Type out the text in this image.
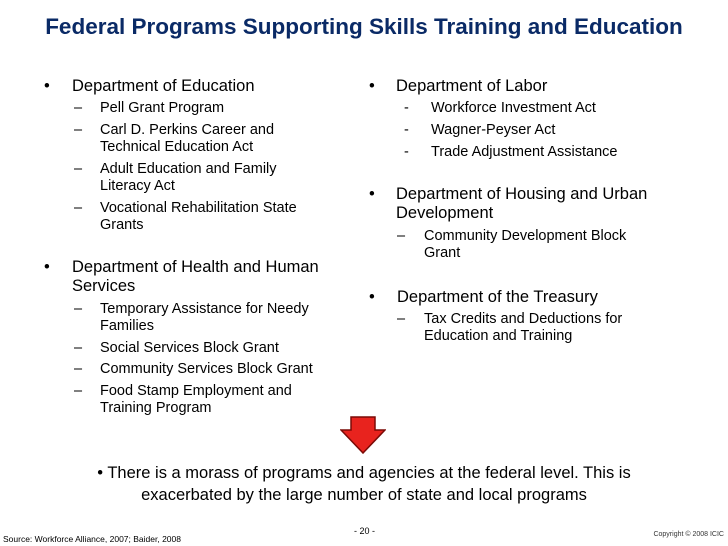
Federal Programs Supporting Skills Training and Education
• Department of Education
– Pell Grant Program
– Carl D. Perkins Career and
Technical Education Act
– Adult Education and Family
Literacy Act
– Vocational Rehabilitation State
Grants
• Department of Health and Human
Services
– Temporary Assistance for Needy
Families
– Social Services Block Grant
– Community Services Block Grant
– Food Stamp Employment and
Training Program
• Department of Labor
- Workforce Investment Act
- Wagner-Peyser Act
- Trade Adjustment Assistance
• Department of Housing and Urban
Development
– Community Development Block
Grant
• Department of the Treasury
– Tax Credits and Deductions for
Education and Training
• There is a morass of programs and agencies at the federal level. This is
exacerbated by the large number of state and local programs
- 20 -	Copyright © 2008 ICIC
Source: Workforce Alliance, 2007; Baider, 2008
